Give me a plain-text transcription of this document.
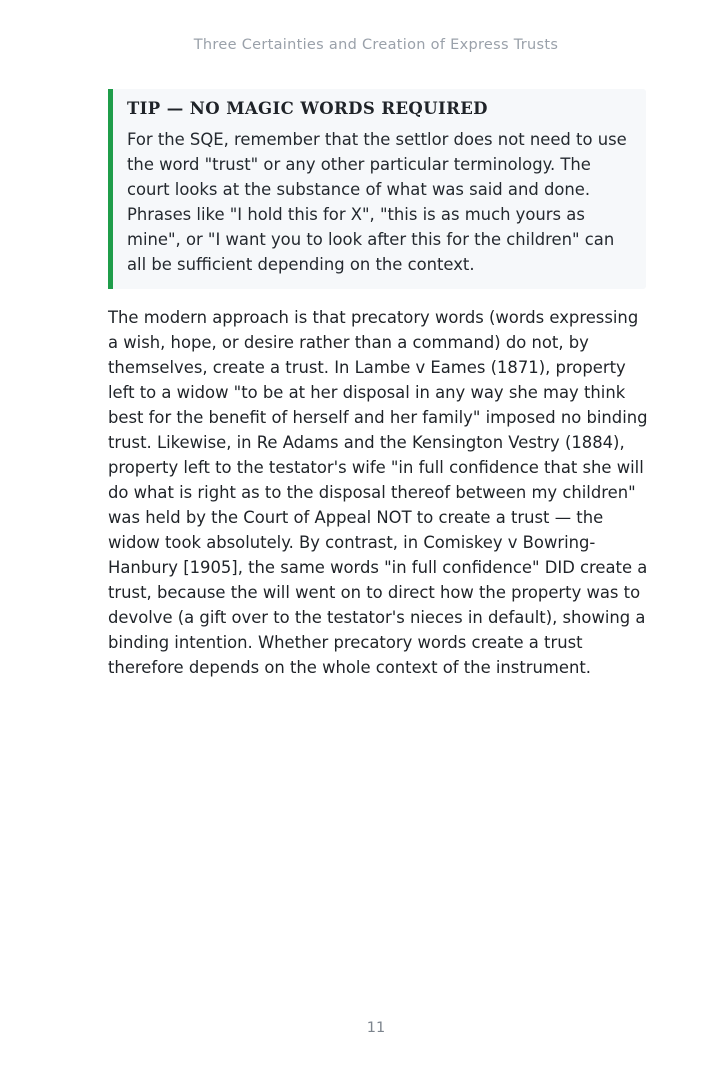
Three Certainties and Creation of Express Trusts
TIP — NO MAGIC WORDS REQUIRED

For the SQE, remember that the settlor does not need to use the word "trust" or any other particular terminology. The court looks at the substance of what was said and done. Phrases like "I hold this for X", "this is as much yours as mine", or "I want you to look after this for the children" can all be sufficient depending on the context.

The modern approach is that precatory words (words expressing a wish, hope, or desire rather than a command) do not, by themselves, create a trust. In Lambe v Eames (1871), property left to a widow "to be at her disposal in any way she may think best for the benefit of herself and her family" imposed no binding trust. Likewise, in Re Adams and the Kensington Vestry (1884), property left to the testator's wife "in full confidence that she will do what is right as to the disposal thereof between my children" was held by the Court of Appeal NOT to create a trust — the widow took absolutely. By contrast, in Comiskey v Bowring-Hanbury [1905], the same words "in full confidence" DID create a trust, because the will went on to direct how the property was to devolve (a gift over to the testator's nieces in default), showing a binding intention. Whether precatory words create a trust therefore depends on the whole context of the instrument.

11
